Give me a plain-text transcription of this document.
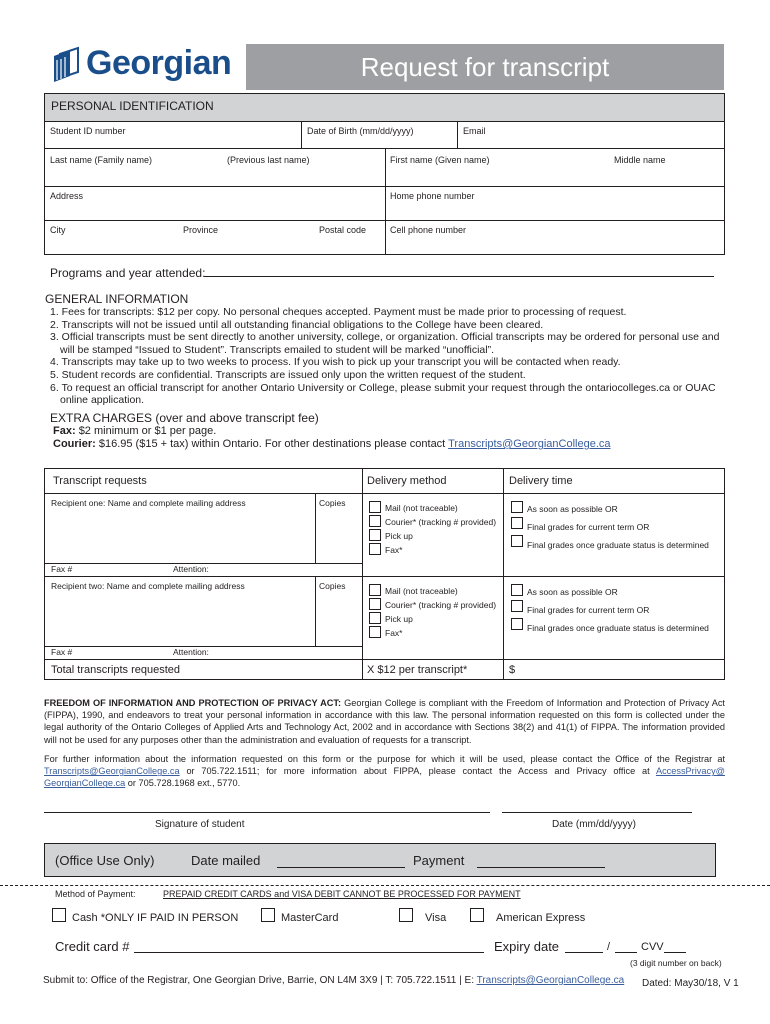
Georgian	Request for transcript
PERSONAL IDENTIFICATION
Student ID number	Date of Birth (mm/dd/yyyy)	Email
Last name (Family name)	(Previous last name)	First name (Given name)	Middle name
Address	Home phone number
City	Province	Postal code	Cell phone number
Programs and year attended:
GENERAL INFORMATION
1. Fees for transcripts: $12 per copy. No personal cheques accepted. Payment must be made prior to processing of request.
2. Transcripts will not be issued until all outstanding financial obligations to the College have been cleared.
3. Official transcripts must be sent directly to another university, college, or organization. Official transcripts may be ordered for personal use and
will be stamped “Issued to Student”. Transcripts emailed to student will be marked “unofficial”.
4. Transcripts may take up to two weeks to process. If you wish to pick up your transcript you will be contacted when ready.
5. Student records are confidential. Transcripts are issued only upon the written request of the student.
6. To request an official transcript for another Ontario University or College, please submit your request through the ontariocolleges.ca or OUAC
online application.
EXTRA CHARGES (over and above transcript fee)
Fax: $2 minimum or $1 per page.
Courier: $16.95 ($15 + tax) within Ontario. For other destinations please contact Transcripts@GeorgianCollege.ca
Transcript requests	Delivery method	Delivery time
Recipient one: Name and complete mailing address	Copies
Fax #	Attention:
Mail (not traceable)
Courier* (tracking # provided)
Pick up
Fax*
As soon as possible OR
Final grades for current term OR
Final grades once graduate status is determined
Recipient two: Name and complete mailing address	Copies
Fax #	Attention:
Mail (not traceable)
Courier* (tracking # provided)
Pick up
Fax*
As soon as possible OR
Final grades for current term OR
Final grades once graduate status is determined
Total transcripts requested	X $12 per transcript*	$
FREEDOM OF INFORMATION AND PROTECTION OF PRIVACY ACT: Georgian College is compliant with the Freedom of Information and Protection of Privacy Act (FIPPA), 1990, and endeavors to treat your personal information in accordance with this law. The personal information requested on this form is collected under the legal authority of the Ontario Colleges of Applied Arts and Technology Act, 2002 and in accordance with Sections 38(2) and 41(1) of FIPPA. The information provided will not be used for any purposes other than the administration and evaluation of requests for a transcript.
For further information about the information requested on this form or the purpose for which it will be used, please contact the Office of the Registrar at Transcripts@GeorgianCollege.ca or 705.722.1511; for more information about FIPPA, please contact the Access and Privacy office at AccessPrivacy@ GeorgianCollege.ca or 705.728.1968 ext., 5770.
Signature of student	Date (mm/dd/yyyy)
(Office Use Only)	Date mailed	Payment
Method of Payment:	PREPAID CREDIT CARDS and VISA DEBIT CANNOT BE PROCESSED FOR PAYMENT
Cash *ONLY IF PAID IN PERSON	MasterCard	Visa	American Express
Credit card #	Expiry date	/	CVV
(3 digit number on back)
Submit to: Office of the Registrar, One Georgian Drive, Barrie, ON L4M 3X9 | T: 705.722.1511 | E: Transcripts@GeorgianCollege.ca Dated: May30/18, V 1
